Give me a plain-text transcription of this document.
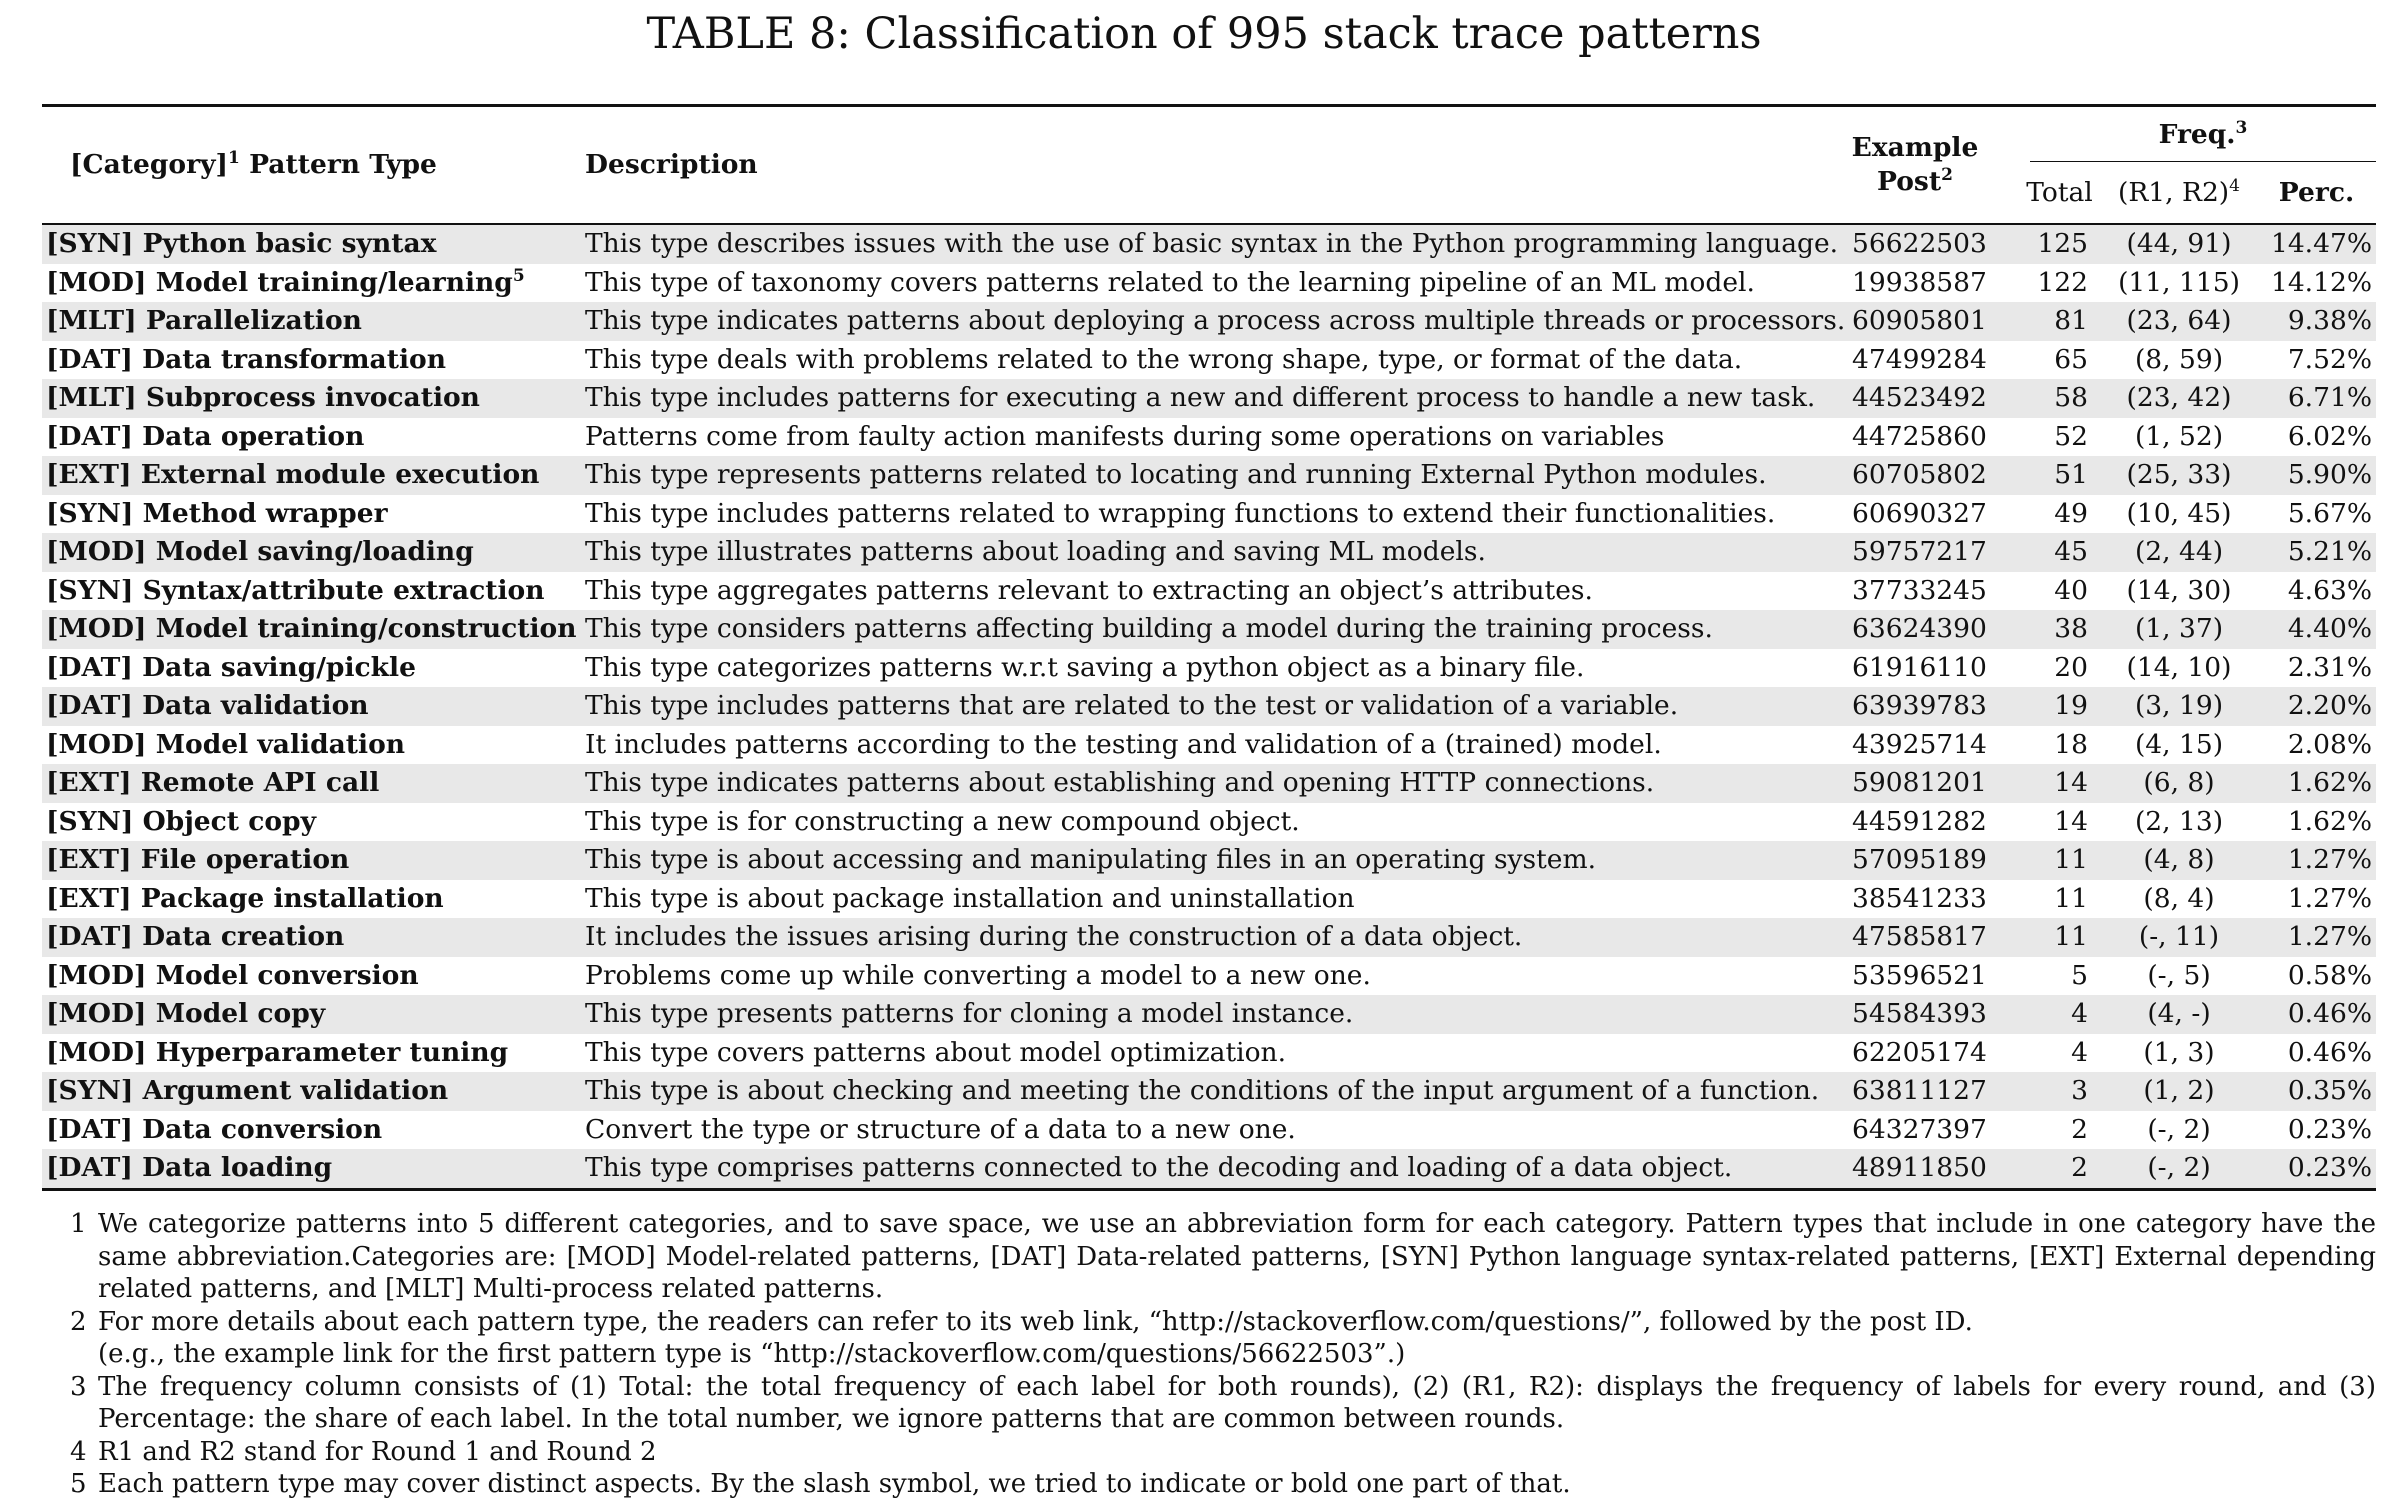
TABLE 8: Classification of 995 stack trace patterns
[Category]$^1$ Pattern Type	Description	Example
Post$^2$	Freq.$^3$

			Total	(R1, R2)$^4$	Perc.
[SYN] Python basic syntax	This type describes issues with the use of basic syntax in the Python programming language.	56622503	125	(44, 91)	14.47%
[MOD] Model training/learning$^5$	This type of taxonomy covers patterns related to the learning pipeline of an ML model.	19938587	122	(11, 115)	14.12%
[MLT] Parallelization	This type indicates patterns about deploying a process across multiple threads or processors.	60905801	81	(23, 64)	9.38%
[DAT] Data transformation	This type deals with problems related to the wrong shape, type, or format of the data.	47499284	65	(8, 59)	7.52%
[MLT] Subprocess invocation	This type includes patterns for executing a new and different process to handle a new task.	44523492	58	(23, 42)	6.71%
[DAT] Data operation	Patterns come from faulty action manifests during some operations on variables	44725860	52	(1, 52)	6.02%
[EXT] External module execution	This type represents patterns related to locating and running External Python modules.	60705802	51	(25, 33)	5.90%
[SYN] Method wrapper	This type includes patterns related to wrapping functions to extend their functionalities.	60690327	49	(10, 45)	5.67%
[MOD] Model saving/loading	This type illustrates patterns about loading and saving ML models.	59757217	45	(2, 44)	5.21%
[SYN] Syntax/attribute extraction	This type aggregates patterns relevant to extracting an object’s attributes.	37733245	40	(14, 30)	4.63%
[MOD] Model training/construction	This type considers patterns affecting building a model during the training process.	63624390	38	(1, 37)	4.40%
[DAT] Data saving/pickle	This type categorizes patterns w.r.t saving a python object as a binary file.	61916110	20	(14, 10)	2.31%
[DAT] Data validation	This type includes patterns that are related to the test or validation of a variable.	63939783	19	(3, 19)	2.20%
[MOD] Model validation	It includes patterns according to the testing and validation of a (trained) model.	43925714	18	(4, 15)	2.08%
[EXT] Remote API call	This type indicates patterns about establishing and opening HTTP connections.	59081201	14	(6, 8)	1.62%
[SYN] Object copy	This type is for constructing a new compound object.	44591282	14	(2, 13)	1.62%
[EXT] File operation	This type is about accessing and manipulating files in an operating system.	57095189	11	(4, 8)	1.27%
[EXT] Package installation	This type is about package installation and uninstallation	38541233	11	(8, 4)	1.27%
[DAT] Data creation	It includes the issues arising during the construction of a data object.	47585817	11	(-, 11)	1.27%
[MOD] Model conversion	Problems come up while converting a model to a new one.	53596521	5	(-, 5)	0.58%
[MOD] Model copy	This type presents patterns for cloning a model instance.	54584393	4	(4, -)	0.46%
[MOD] Hyperparameter tuning	This type covers patterns about model optimization.	62205174	4	(1, 3)	0.46%
[SYN] Argument validation	This type is about checking and meeting the conditions of the input argument of a function.	63811127	3	(1, 2)	0.35%
[DAT] Data conversion	Convert the type or structure of a data to a new one.	64327397	2	(-, 2)	0.23%
[DAT] Data loading	This type comprises patterns connected to the decoding and loading of a data object.	48911850	2	(-, 2)	0.23%
1 We categorize patterns into 5 different categories, and to save space, we use an abbreviation form for each category. Pattern types that include in one category have the same abbreviation.Categories are: [MOD] Model-related patterns, [DAT] Data-related patterns, [SYN] Python language syntax-related patterns, [EXT] External depending related patterns, and [MLT] Multi-process related patterns.
2 For more details about each pattern type, the readers can refer to its web link, “http://stackoverflow.com/questions/”, followed by the post ID.
(e.g., the example link for the first pattern type is “http://stackoverflow.com/questions/56622503”.)
3 The frequency column consists of (1) Total: the total frequency of each label for both rounds), (2) (R1, R2): displays the frequency of labels for every round, and (3) Percentage: the share of each label. In the total number, we ignore patterns that are common between rounds.
4 R1 and R2 stand for Round 1 and Round 2
5 Each pattern type may cover distinct aspects. By the slash symbol, we tried to indicate or bold one part of that.
